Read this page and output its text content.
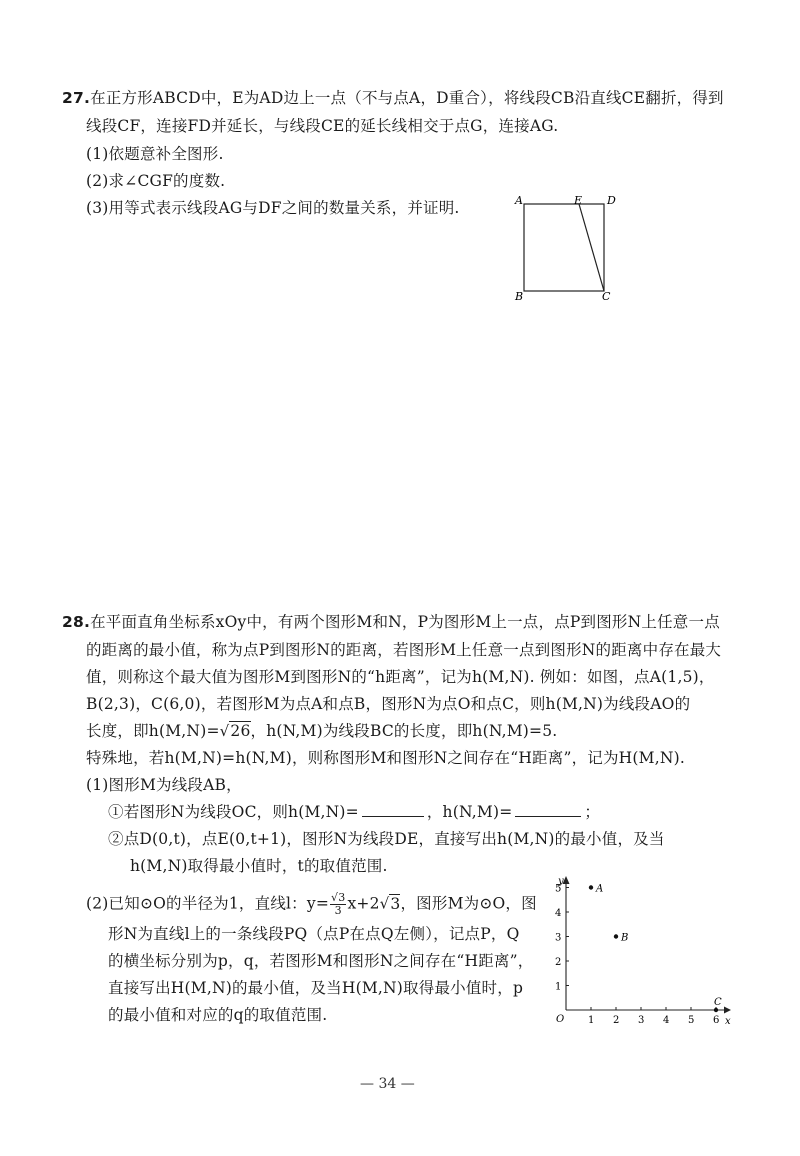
27.在正方形ABCD中，E为AD边上一点（不与点A，D重合），将线段CB沿直线CE翻折，得到
线段CF，连接FD并延长，与线段CE的延长线相交于点G，连接AG.
(1)依题意补全图形.
(2)求∠CGF的度数.
(3)用等式表示线段AG与DF之间的数量关系，并证明.	A	E D
B	C
28.在平面直角坐标系xOy中，有两个图形M和N，P为图形M上一点，点P到图形N上任意一点
的距离的最小值，称为点P到图形N的距离，若图形M上任意一点到图形N的距离中存在最大
值，则称这个最大值为图形M到图形N的“h距离”，记为h(M,N). 例如：如图，点A(1,5)，
B(2,3)，C(6,0)，若图形M为点A和点B，图形N为点O和点C，则h(M,N)为线段AO的
长度，即h(M,N)=√26，h(N,M)为线段BC的长度，即h(N,M)=5.
特殊地，若h(M,N)=h(N,M)，则称图形M和图形N之间存在“H距离”，记为H(M,N).
(1)图形M为线段AB，
①若图形N为线段OC，则h(M,N)=	，h(N,M)=	；
②点D(0,t)，点E(0,t+1)，图形N为线段DE，直接写出h(M,N)的最小值，及当
h(M,N)取得最小值时，t的取值范围.
(2)已知⊙O的半径为1，直线l：$y= \frac{√3}{3} x+2√3$，图形M为⊙O，图
形N为直线l上的一条线段PQ（点P在点Q左侧），记点P，Q
的横坐标分别为p，q，若图形M和图形N之间存在“H距离”，
直接写出H(M,N)的最小值，及当H(M,N)取得最小值时，p
的最小值和对应的q的取值范围.	x
y
O 1 2 3 4 5 6
1
2
3
4
5	A
B
C
— 34 —
